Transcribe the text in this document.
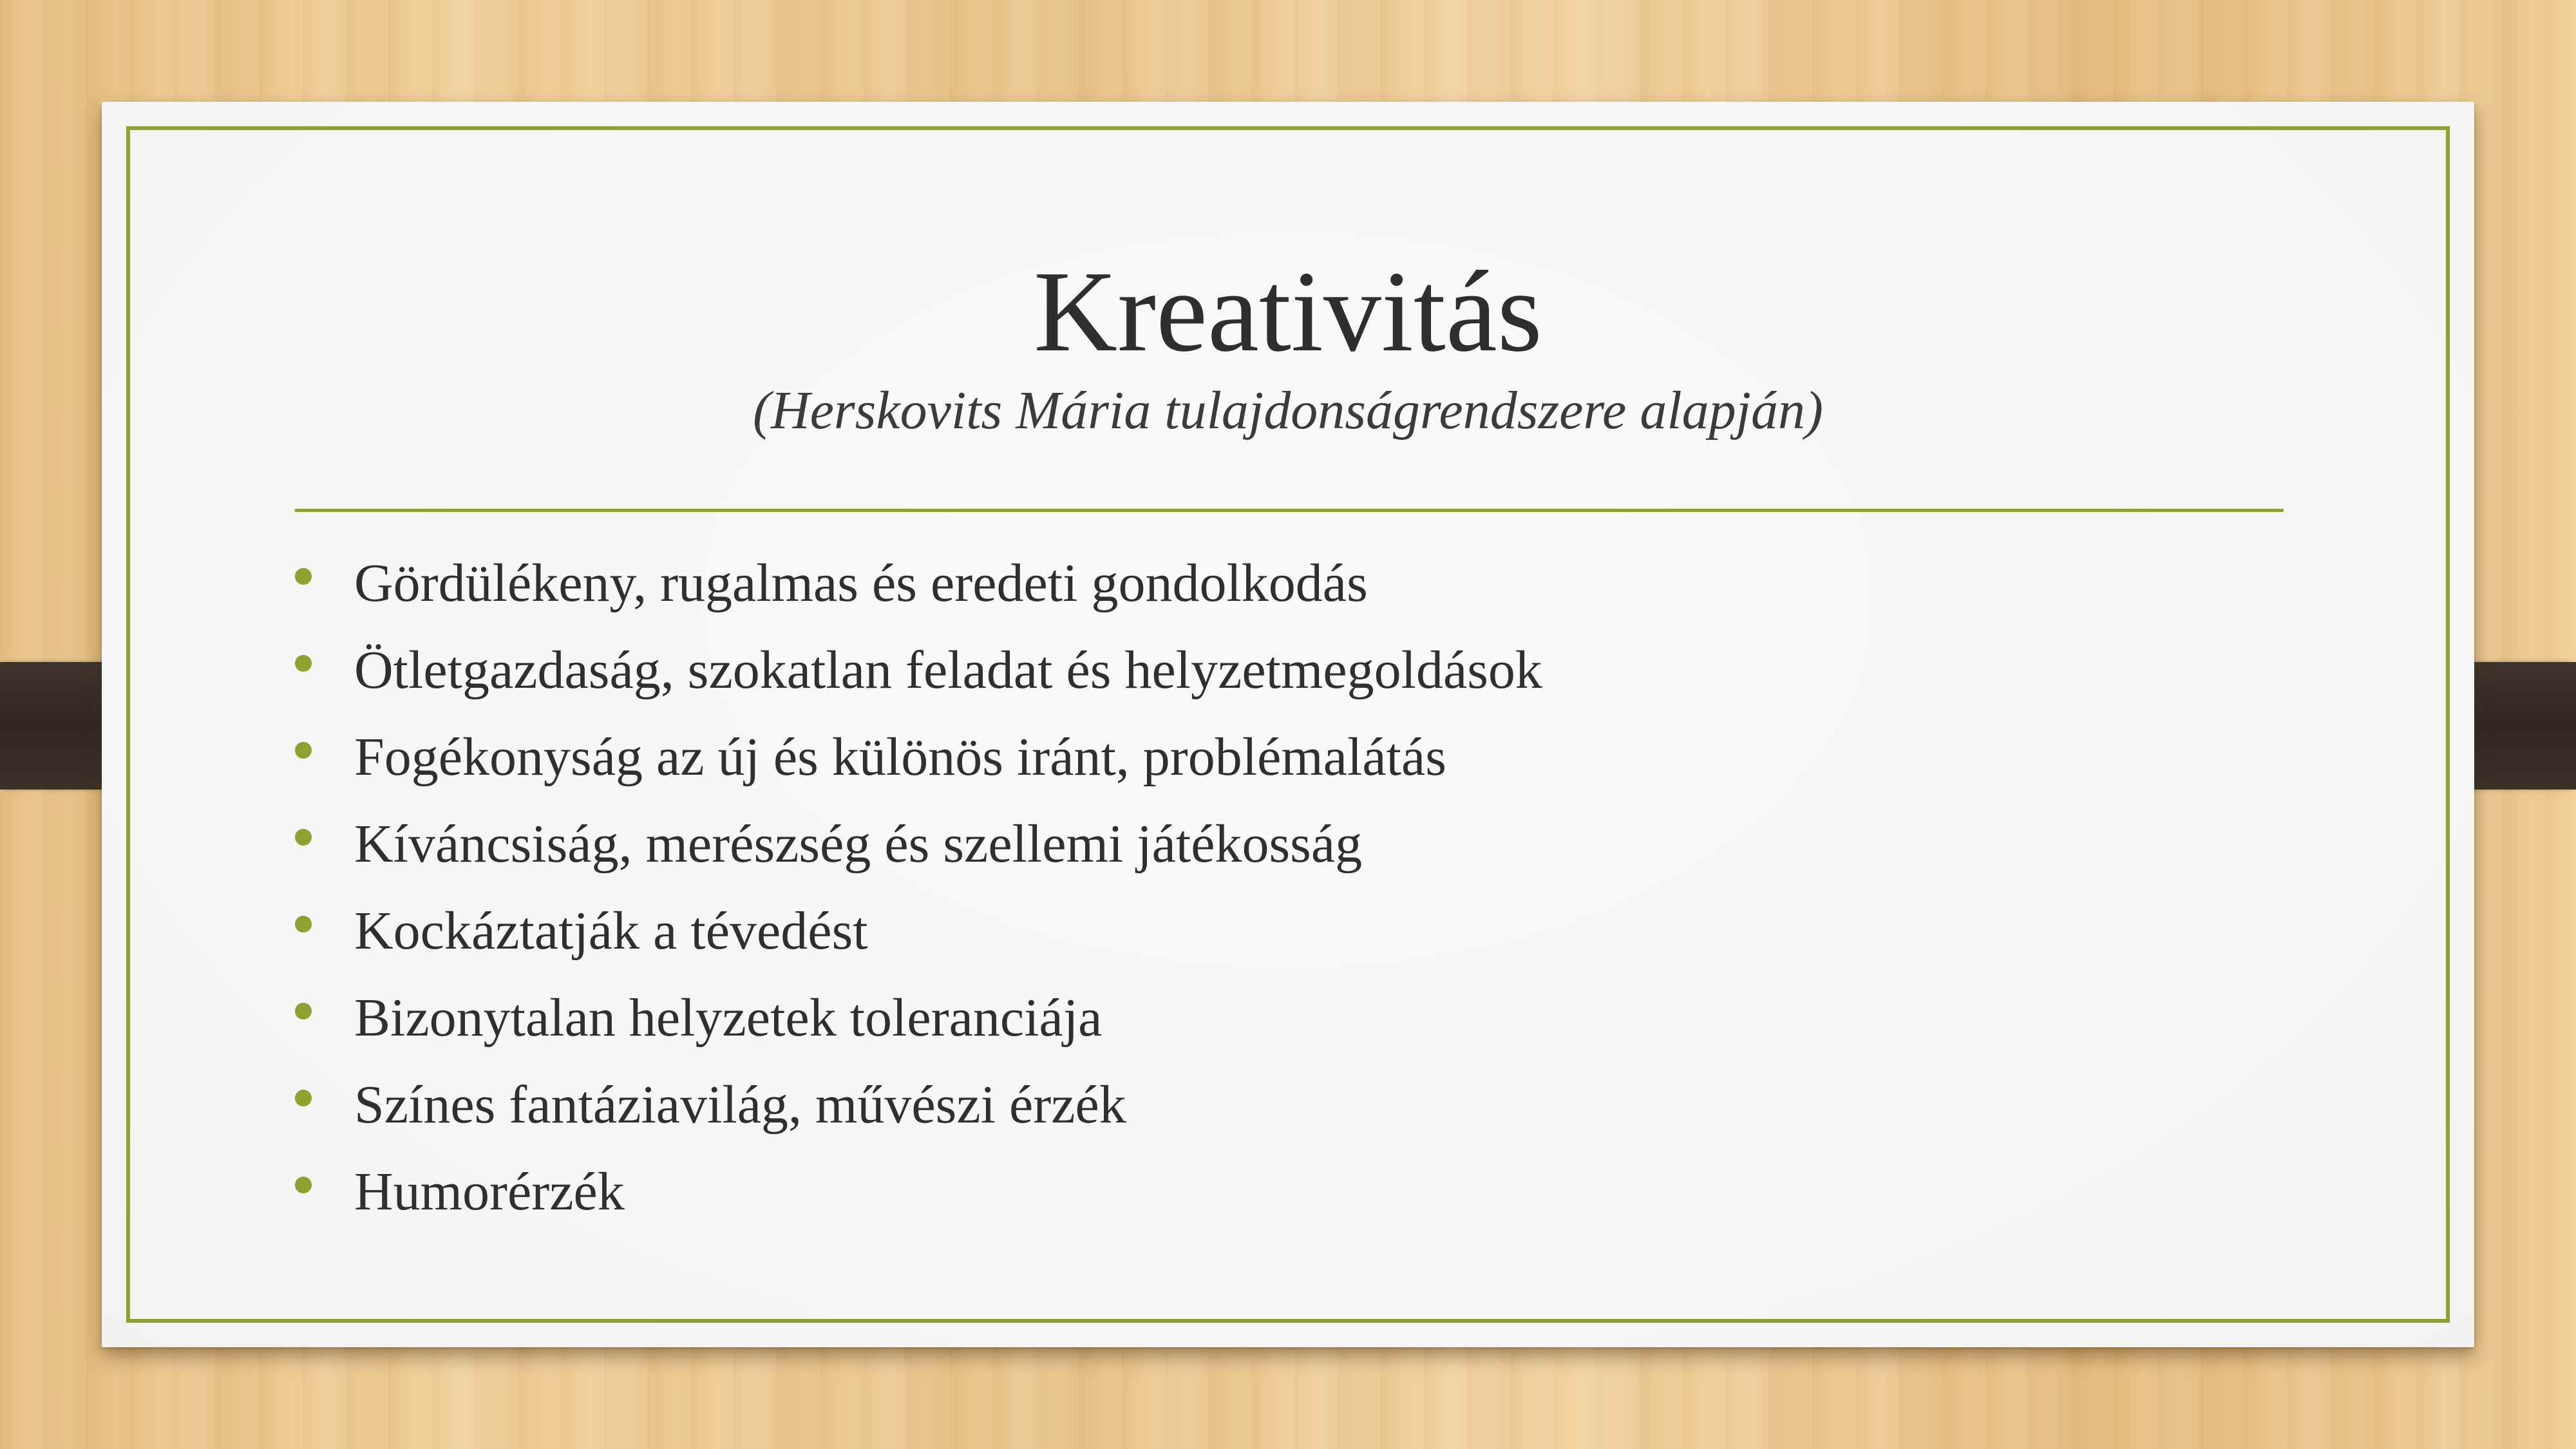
Kreativitás
(Herskovits Mária tulajdonságrendszere alapján)
Gördülékeny, rugalmas és eredeti gondolkodás
Ötletgazdaság, szokatlan feladat és helyzetmegoldások
Fogékonyság az új és különös iránt, problémalátás
Kíváncsiság, merészség és szellemi játékosság
Kockáztatják a tévedést
Bizonytalan helyzetek toleranciája
Színes fantáziavilág, művészi érzék
Humorérzék
